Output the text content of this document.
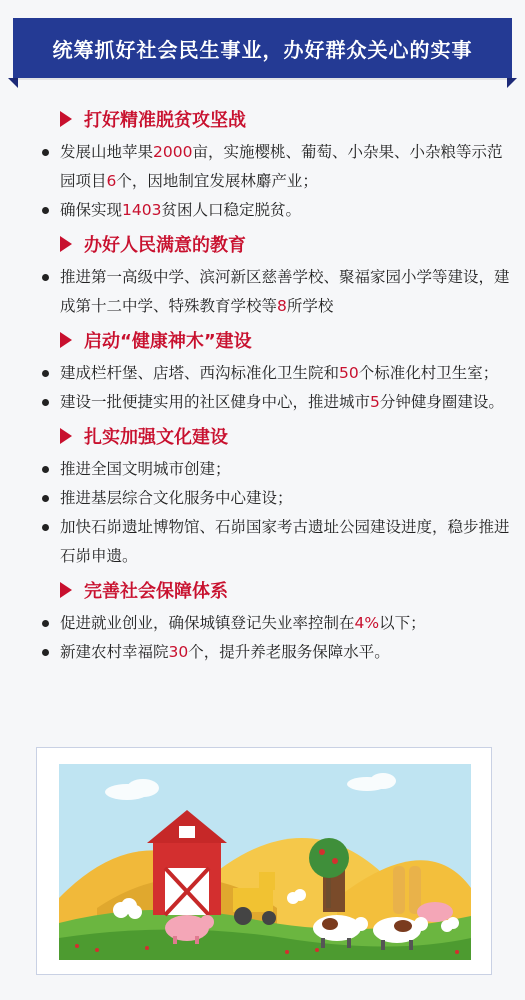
统筹抓好社会民生事业，办好群众关心的实事
打好精准脱贫攻坚战
发展山地苹果2000亩，实施樱桃、葡萄、小杂果、小杂粮等示范园项目6个，因地制宜发展林麝产业；
确保实现1403贫困人口稳定脱贫。
办好人民满意的教育
推进第一高级中学、滨河新区慈善学校、聚福家园小学等建设，建成第十二中学、特殊教育学校等8所学校
启动“健康神木”建设
建成栏杆堡、店塔、西沟标准化卫生院和50个标准化村卫生室；
建设一批便捷实用的社区健身中心，推进城市5分钟健身圈建设。
扎实加强文化建设
推进全国文明城市创建；
推进基层综合文化服务中心建设；
加快石峁遗址博物馆、石峁国家考古遗址公园建设进度，稳步推进石峁申遗。
完善社会保障体系
促进就业创业，确保城镇登记失业率控制在4%以下；
新建农村幸福院30个，提升养老服务保障水平。
